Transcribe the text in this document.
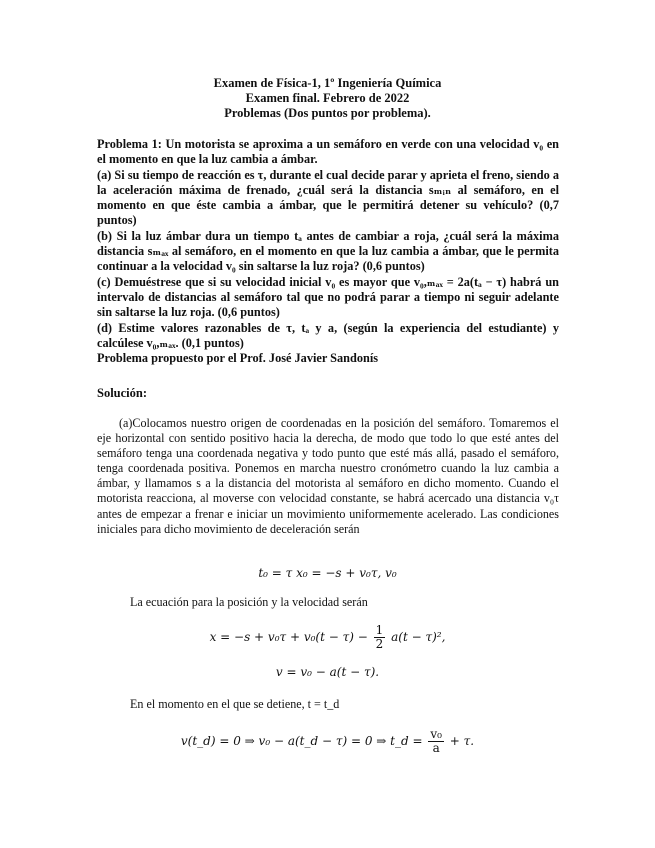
Examen de Física-1, 1º Ingeniería Química
Examen final. Febrero de 2022
Problemas (Dos puntos por problema).

Problema 1: Un motorista se aproxima a un semáforo en verde con una velocidad v₀ en el momento en que la luz cambia a ámbar.

(a) Si su tiempo de reacción es τ, durante el cual decide parar y aprieta el freno, siendo a la aceleración máxima de frenado, ¿cuál será la distancia sₘᵢₙ al semáforo, en el momento en que éste cambia a ámbar, que le permitirá detener su vehículo? (0,7 puntos)

(b) Si la luz ámbar dura un tiempo tₐ antes de cambiar a roja, ¿cuál será la máxima distancia sₘₐₓ al semáforo, en el momento en que la luz cambia a ámbar, que le permita continuar a la velocidad v₀ sin saltarse la luz roja? (0,6 puntos)

(c) Demuéstrese que si su velocidad inicial v₀ es mayor que v₀,ₘₐₓ = 2a(tₐ − τ) habrá un intervalo de distancias al semáforo tal que no podrá parar a tiempo ni seguir adelante sin saltarse la luz roja. (0,6 puntos)

(d) Estime valores razonables de τ, tₐ y a, (según la experiencia del estudiante) y calcúlese v₀,ₘₐₓ. (0,1 puntos)

Problema propuesto por el Prof. José Javier Sandonís

Solución:

(a)Colocamos nuestro origen de coordenadas en la posición del semáforo. Tomaremos el eje horizontal con sentido positivo hacia la derecha, de modo que todo lo que esté antes del semáforo tenga una coordenada negativa y todo punto que esté más allá, pasado el semáforo, tenga coordenada positiva. Ponemos en marcha nuestro cronómetro cuando la luz cambia a ámbar, y llamamos s a la distancia del motorista al semáforo en dicho momento. Cuando el motorista reacciona, al moverse con velocidad constante, se habrá acercado una distancia v₀τ antes de empezar a frenar e iniciar un movimiento uniformemente acelerado. Las condiciones iniciales para dicho movimiento de deceleración serán

t₀ = τ x₀ = −s + v₀τ, v₀
La ecuación para la posición y la velocidad serán
$x = -s + v_0\tau + v_0(t - \tau) - \frac{1}{2} a(t - \tau)^2$,
v = v₀ − a(t − τ).
En el momento en el que se detiene, t = t_d
v(t_d) = 0 ⇒ v₀ − a(t_d − τ) = 0 ⇒ t_d = $\frac{\text{v₀}}{a} + \tau$.
